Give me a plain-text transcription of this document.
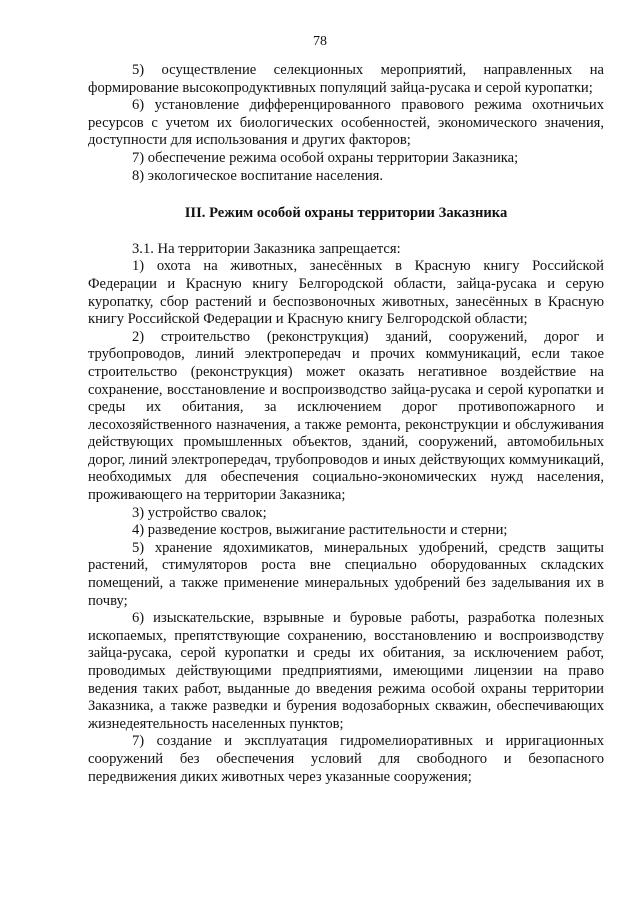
78

5) осуществление селекционных мероприятий, направленных на формирование высокопродуктивных популяций зайца-русака и серой куропатки;

6) установление дифференцированного правового режима охотничьих ресурсов с учетом их биологических особенностей, экономического значения, доступности для использования и других факторов;

7) обеспечение режима особой охраны территории Заказника;

8) экологическое воспитание населения.

III. Режим особой охраны территории Заказника

3.1. На территории Заказника запрещается:

1) охота на животных, занесённых в Красную книгу Российской Федерации и Красную книгу Белгородской области, зайца-русака и серую куропатку, сбор растений и беспозвоночных животных, занесённых в Красную книгу Российской Федерации и Красную книгу Белгородской области;

2) строительство (реконструкция) зданий, сооружений, дорог и трубопроводов, линий электропередач и прочих коммуникаций, если такое строительство (реконструкция) может оказать негативное воздействие на сохранение, восстановление и воспроизводство зайца-русака и серой куропатки и среды их обитания, за исключением дорог противопожарного и лесохозяйственного назначения, а также ремонта, реконструкции и обслуживания действующих промышленных объектов, зданий, сооружений, автомобильных дорог, линий электропередач, трубопроводов и иных действующих коммуникаций, необходимых для обеспечения социально-экономических нужд населения, проживающего на территории Заказника;

3) устройство свалок;

4) разведение костров, выжигание растительности и стерни;

5) хранение ядохимикатов, минеральных удобрений, средств защиты растений, стимуляторов роста вне специально оборудованных складских помещений, а также применение минеральных удобрений без заделывания их в почву;

6) изыскательские, взрывные и буровые работы, разработка полезных ископаемых, препятствующие сохранению, восстановлению и воспроизводству зайца-русака, серой куропатки и среды их обитания, за исключением работ, проводимых действующими предприятиями, имеющими лицензии на право ведения таких работ, выданные до введения режима особой охраны территории Заказника, а также разведки и бурения водозаборных скважин, обеспечивающих жизнедеятельность населенных пунктов;

7) создание и эксплуатация гидромелиоративных и ирригационных сооружений без обеспечения условий для свободного и безопасного передвижения диких животных через указанные сооружения;
